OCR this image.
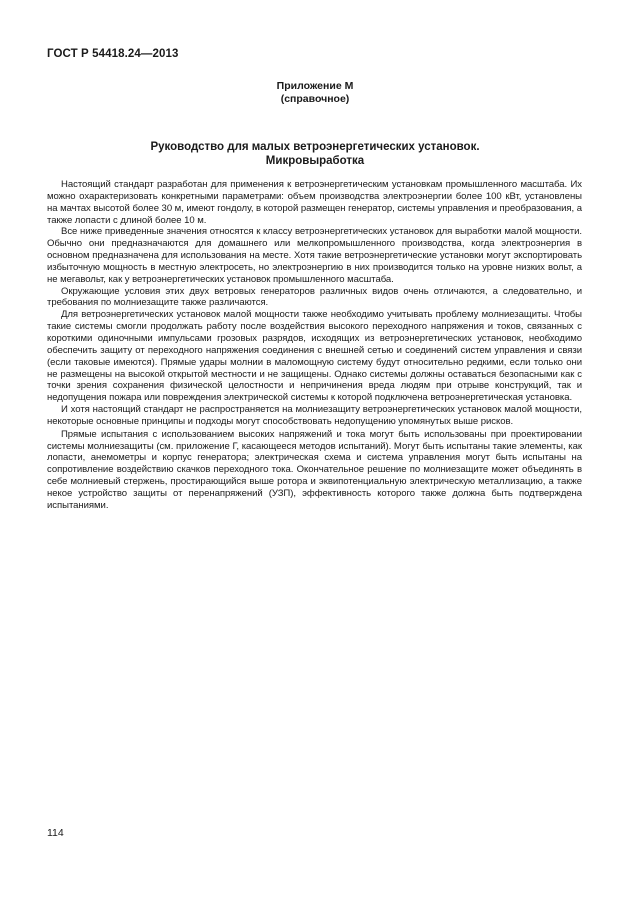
ГОСТ Р 54418.24—2013
Приложение М
(справочное)
Руководство для малых ветроэнергетических установок.
Микровыработка

Настоящий стандарт разработан для применения к ветроэнергетическим установкам промышленного масштаба. Их можно охарактеризовать конкретными параметрами: объем производства электроэнергии более 100 кВт, установлены на мачтах высотой более 30 м, имеют гондолу, в которой размещен генератор, системы управления и преобразования, а также лопасти с длиной более 10 м.

Все ниже приведенные значения относятся к классу ветроэнергетических установок для выработки малой мощности. Обычно они предназначаются для домашнего или мелкопромышленного производства, когда электроэнергия в основном предназначена для использования на месте. Хотя такие ветроэнергетические установки могут экспортировать избыточную мощность в местную электросеть, но электроэнергию в них производится только на уровне низких вольт, а не мегавольт, как у ветроэнергетических установок промышленного масштаба.

Окружающие условия этих двух ветровых генераторов различных видов очень отличаются, а следовательно, и требования по молниезащите также различаются.

Для ветроэнергетических установок малой мощности также необходимо учитывать проблему молниезащиты. Чтобы такие системы смогли продолжать работу после воздействия высокого переходного напряжения и токов, связанных с короткими одиночными импульсами грозовых разрядов, исходящих из ветроэнергетических установок, необходимо обеспечить защиту от переходного напряжения соединения с внешней сетью и соединений систем управления и связи (если таковые имеются). Прямые удары молнии в маломощную систему будут относительно редкими, если только они не размещены на высокой открытой местности и не защищены. Однако системы должны оставаться безопасными как с точки зрения сохранения физической целостности и непричинения вреда людям при отрыве конструкций, так и недопущения пожара или повреждения электрической системы к которой подключена ветроэнергетическая установка.

И хотя настоящий стандарт не распространяется на молниезащиту ветроэнергетических установок малой мощности, некоторые основные принципы и подходы могут способствовать недопущению упомянутых выше рисков.

Прямые испытания с использованием высоких напряжений и тока могут быть использованы при проектировании системы молниезащиты (см. приложение Г, касающееся методов испытаний). Могут быть испытаны такие элементы, как лопасти, анемометры и корпус генератора; электрическая схема и система управления могут быть испытаны на сопротивление воздействию скачков переходного тока. Окончательное решение по молниезащите может объединять в себе молниевый стержень, простирающийся выше ротора и эквипотенциальную электрическую металлизацию, а также некое устройство защиты от перенапряжений (УЗП), эффективность которого также должна быть подтверждена испытаниями.

114
